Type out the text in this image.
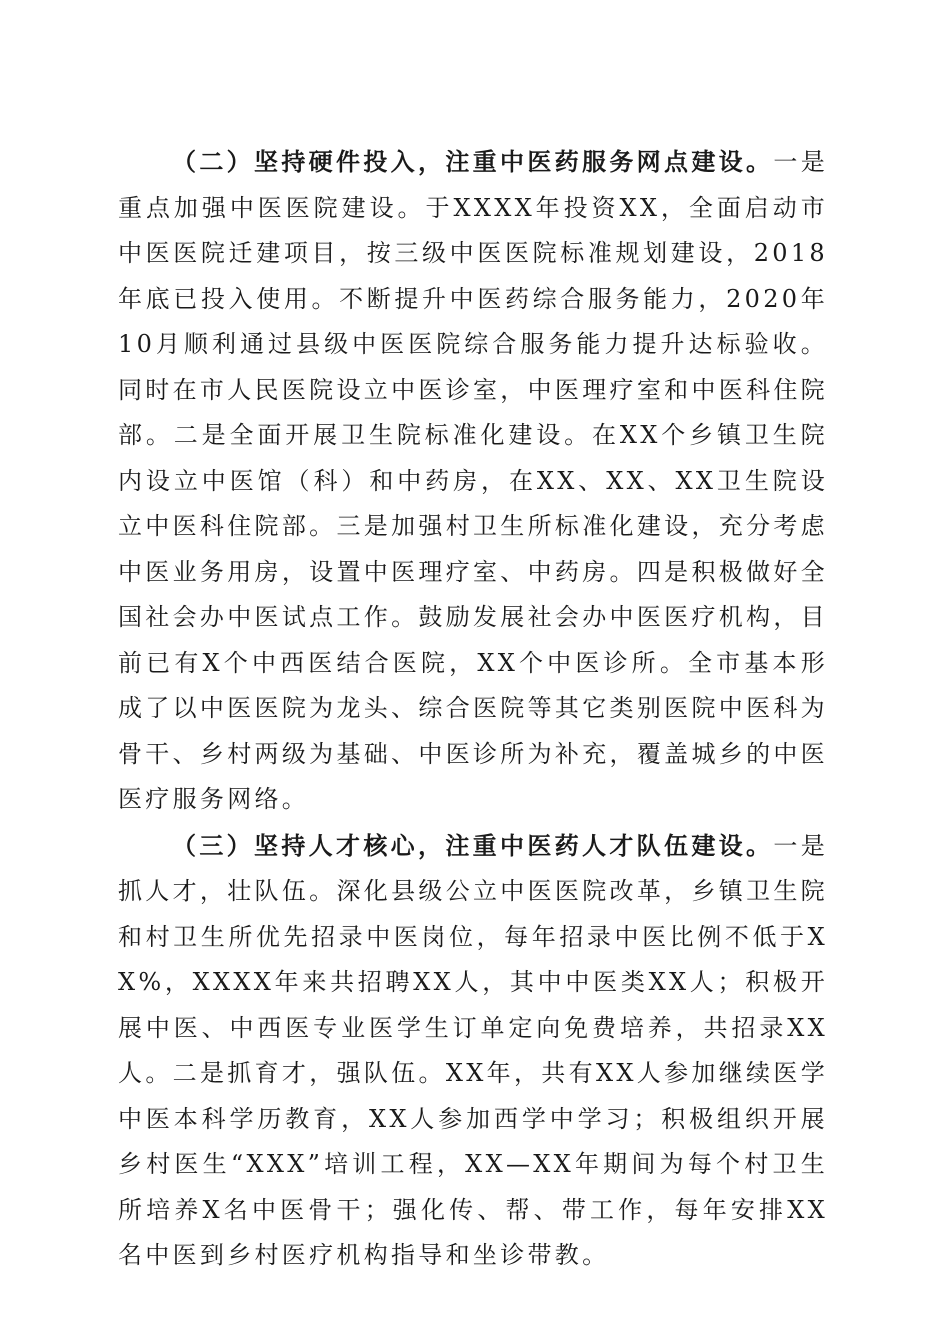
（二）坚持硬件投入，注重中医药服务网点建设。一是重点加强中医医院建设。于XXXX年投资XX，全面启动市中医医院迁建项目，按三级中医医院标准规划建设，2018年底已投入使用。不断提升中医药综合服务能力，2020年10月顺利通过县级中医医院综合服务能力提升达标验收。同时在市人民医院设立中医诊室，中医理疗室和中医科住院部。二是全面开展卫生院标准化建设。在XX个乡镇卫生院内设立中医馆（科）和中药房，在XX、XX、XX卫生院设立中医科住院部。三是加强村卫生所标准化建设，充分考虑中医业务用房，设置中医理疗室、中药房。四是积极做好全国社会办中医试点工作。鼓励发展社会办中医医疗机构，目前已有X个中西医结合医院，XX个中医诊所。全市基本形成了以中医医院为龙头、综合医院等其它类别医院中医科为骨干、乡村两级为基础、中医诊所为补充，覆盖城乡的中医医疗服务网络。

（三）坚持人才核心，注重中医药人才队伍建设。一是抓人才，壮队伍。深化县级公立中医医院改革，乡镇卫生院和村卫生所优先招录中医岗位，每年招录中医比例不低于XX%，XXXX年来共招聘XX人，其中中医类XX人；积极开展中医、中西医专业医学生订单定向免费培养，共招录XX人。二是抓育才，强队伍。XX年，共有XX人参加继续医学中医本科学历教育，XX人参加西学中学习；积极组织开展乡村医生“XXX”培训工程，XX—XX年期间为每个村卫生所培养X名中医骨干；强化传、帮、带工作，每年安排XX名中医到乡村医疗机构指导和坐诊带教。
